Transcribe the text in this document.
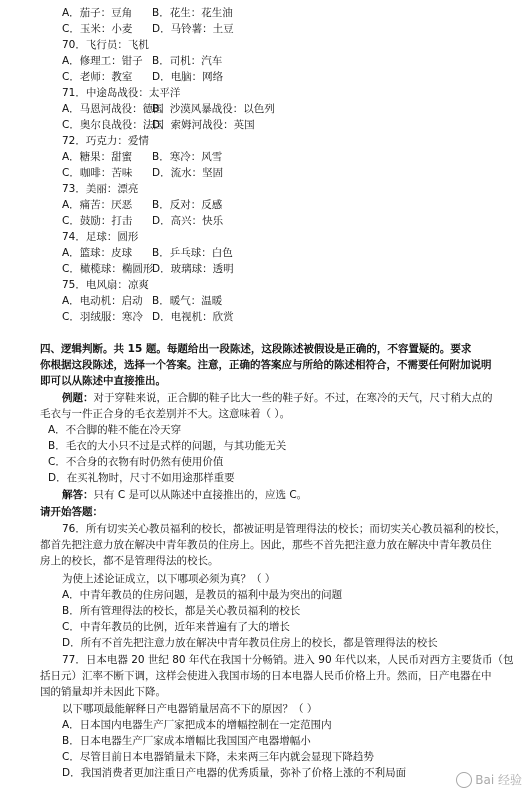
A．茄子：豆角 B．花生：花生油
C．玉米：小麦 D．马铃薯：土豆
70．飞行员：飞机
A．修理工：钳子 B．司机：汽车
C．老师：教室 D．电脑：网络
71．中途岛战役：太平洋
A．马恩河战役：德国
B．沙漠风暴战役：以色列
C．奥尔良战役：法国
D．索姆河战役：英国
72．巧克力：爱情
A．糖果：甜蜜 B．寒冷：风雪
C．咖啡：苦味 D．流水：坚固
73．美丽：漂亮
A．痛苦：厌恶 B．反对：反感
C．鼓励：打击 D．高兴：快乐
74．足球：圆形
A．篮球：皮球 B．乒乓球：白色
C．橄榄球：椭圆形
D．玻璃球：透明
75．电风扇：凉爽
A．电动机：启动 B．暖气：温暖
C．羽绒服：寒冷 D．电视机：欣赏
四、逻辑判断。共 15 题。每题给出一段陈述，这段陈述被假设是正确的，不容置疑的。要求
你根据这段陈述，选择一个答案。注意，正确的答案应与所给的陈述相符合，不需要任何附加说明
即可以从陈述中直接推出。
例题：对于穿鞋来说，正合脚的鞋子比大一些的鞋子好。不过，在寒冷的天气，尺寸稍大点的
毛衣与一件正合身的毛衣差别并不大。这意味着（ ）。
A．不合脚的鞋不能在冷天穿
B．毛衣的大小只不过是式样的问题，与其功能无关
C．不合身的衣物有时仍然有使用价值
D．在买礼物时，尺寸不如用途那样重要
解答：只有 C 是可以从陈述中直接推出的，应选 C。
请开始答题：
76．所有切实关心教员福利的校长，都被证明是管理得法的校长；而切实关心教员福利的校长，
都首先把注意力放在解决中青年教员的住房上。因此，那些不首先把注意力放在解决中青年教员住
房上的校长，都不是管理得法的校长。
为使上述论证成立，以下哪项必须为真？（ ）
A．中青年教员的住房问题，是教员的福利中最为突出的问题
B．所有管理得法的校长，都是关心教员福利的校长
C．中青年教员的比例，近年来普遍有了大的增长
D．所有不首先把注意力放在解决中青年教员住房上的校长，都是管理得法的校长
77．日本电器 20 世纪 80 年代在我国十分畅销。进入 90 年代以来，人民币对西方主要货币（包
括日元）汇率不断下调，这样会使进入我国市场的日本电器人民币价格上升。然而，日产电器在中
国的销量却并未因此下降。
以下哪项最能解释日产电器销量居高不下的原因？（ ）
A．日本国内电器生产厂家把成本的增幅控制在一定范围内
B．日本电器生产厂家成本增幅比我国国产电器增幅小
C．尽管目前日本电器销量未下降，未来两三年内就会显现下降趋势
D．我国消费者更加注重日产电器的优秀质量，弥补了价格上涨的不利局面	Bai 经验
